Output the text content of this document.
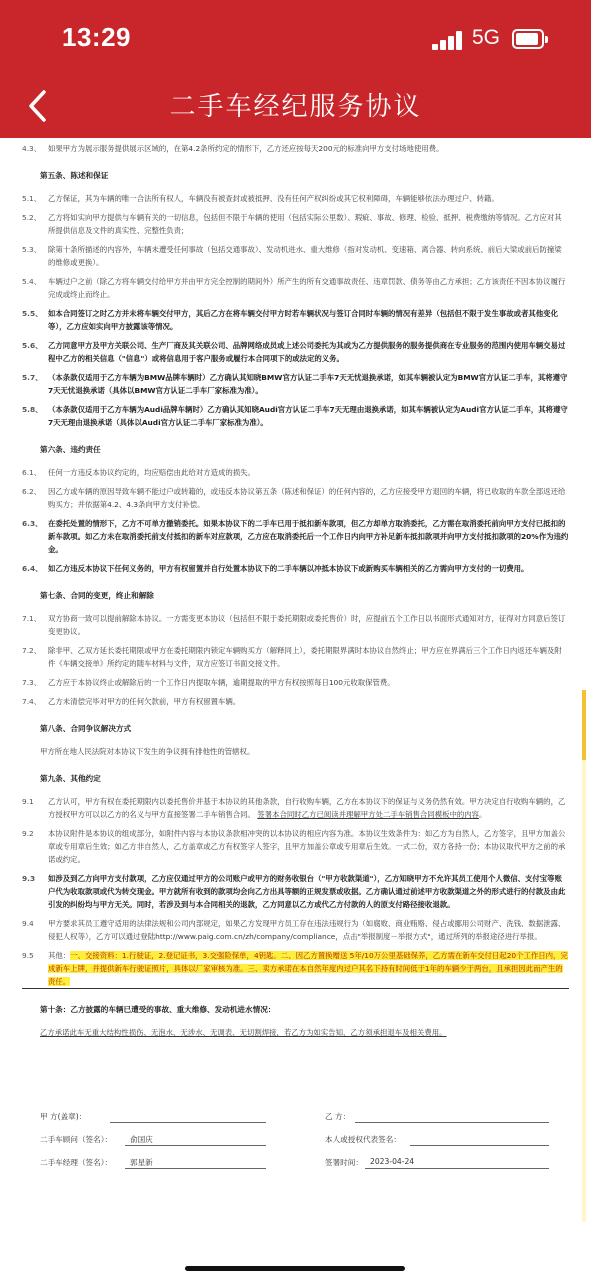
13:29	5G
二手车经纪服务协议
4.3、 如果甲方为展示服务提供展示区域的，在第4.2条所约定的情形下，乙方还应按每天200元的标准向甲方支付场地使用费。
第五条、陈述和保证
5.1、 乙方保证，其为车辆的唯一合法所有权人，车辆没有被查封或被抵押、没有任何产权纠纷或其它权利障碍，车辆能够依法办理过户、转籍。
5.2、 乙方将如实向甲方提供与车辆有关的一切信息，包括但不限于车辆的使用（包括实际公里数）、瑕疵、事故、修理、检验、抵押、税费缴纳等情况。乙方应对其所提供信息及文件的真实性、完整性负责；
5.3、 除第十条所描述的内容外，车辆未遭受任何事故（包括交通事故）、发动机进水、重大维修（指对发动机、变速箱、离合器、转向系统、前后大梁或前后防撞梁的维修或更换）。
5.4、 车辆过户之前（除乙方将车辆交付给甲方并由甲方完全控制的期间外）所产生的所有交通事故责任、违章罚款、债务等由乙方承担；乙方该责任不因本协议履行完成或终止而终止。
5.5、 如本合同签订之时乙方并未将车辆交付甲方，其后乙方在将车辆交付甲方时若车辆状况与签订合同时车辆的情况有差异（包括但不限于发生事故或者其他变化等），乙方应如实向甲方披露该等情况。
5.6、 乙方同意甲方及甲方关联公司、生产厂商及其关联公司、品牌网络成员或上述公司委托为其或为乙方提供服务的服务提供商在专业服务的范围内使用车辆交易过程中乙方的相关信息（"信息"）或将信息用于客户服务或履行本合同项下的或法定的义务。
5.7、 （本条款仅适用于乙方车辆为BMW品牌车辆时）乙方确认其知晓BMW官方认证二手车7天无忧退换承诺，如其车辆被认定为BMW官方认证二手车，其将遵守7天无忧退换承诺（具体以BMW官方认证二手车厂家标准为准）。
5.8、 （本条款仅适用于乙方车辆为Audi品牌车辆时）乙方确认其知晓Audi官方认证二手车7天无理由退换承诺，如其车辆被认定为Audi官方认证二手车，其将遵守7天无理由退换承诺（具体以Audi官方认证二手车厂家标准为准）。
第六条、违约责任
6.1、 任何一方违反本协议约定的，均应赔偿由此给对方造成的损失。
6.2、 因乙方或车辆的原因导致车辆不能过户或转籍的，或违反本协议第五条（陈述和保证）的任何内容的，乙方应接受甲方退回的车辆，将已收取的车款全部返还给购买方；并依据第4.2、4.3条向甲方支付补偿。
6.3、 在委托处置的情形下，乙方不可单方撤销委托。如果本协议下的二手车已用于抵扣新车款项，但乙方却单方取消委托，乙方需在取消委托前向甲方支付已抵扣的新车款项。如乙方未在取消委托前支付抵扣的新车对应款项，乙方应在取消委托后一个工作日内向甲方补足新车抵扣款项并向甲方支付抵扣款项的20%作为违约金。
6.4、 如乙方违反本协议下任何义务的，甲方有权留置并自行处置本协议下的二手车辆以冲抵本协议下或新购买车辆相关的乙方需向甲方支付的一切费用。
第七条、合同的变更，终止和解除
7.1、 双方协商一致可以提前解除本协议。一方需变更本协议（包括但不限于委托期限或委托售价）时，应提前五个工作日以书面形式通知对方，征得对方同意后签订变更协议。
7.2、 除非甲、乙双方延长委托期限或甲方在委托期限内锁定车辆购买方（解释同上），委托期限界满时本协议自然终止；甲方应在界满后三个工作日内返还车辆及附件《车辆交接单》所约定的随车材料与文件，双方应签订书面交接文件。
7.3、 乙方应于本协议终止或解除后的一个工作日内提取车辆，逾期提取的甲方有权按照每日100元收取保管费。
7.4、 乙方未清偿完毕对甲方的任何欠款前，甲方有权留置车辆。
第八条、合同争议解决方式
甲方所在地人民法院对本协议下发生的争议拥有排他性的管辖权。
第九条、其他约定
9.1 乙方认可，甲方有权在委托期限内以委托售价并基于本协议的其他条款，自行收购车辆，乙方在本协议下的保证与义务仍然有效。甲方决定自行收购车辆的，乙方授权甲方可以以乙方的名义与甲方直接签署二手车销售合同。 签署本合同时乙方已阅读并理解甲方处二手车销售合同模板中的内容。
9.2 本协议附件是本协议的组成部分，如附件内容与本协议条款相冲突的以本协议的相应内容为准。本协议生效条件为：如乙方为自然人，乙方签字，且甲方加盖公章或专用章后生效；如乙方非自然人，乙方盖章或乙方有权签字人签字，且甲方加盖公章或专用章后生效。一式二份，双方各持一份；本协议取代甲方之前的承诺或约定。
9.3 如涉及到乙方向甲方支付款项，乙方应仅通过甲方的公司账户或甲方的财务收银台（"甲方收款渠道"），乙方知晓甲方不允许其员工使用个人微信、支付宝等账户代为收取款项或代为转交现金。甲方就所有收到的款项均会向乙方出具等额的正规发票或收据。乙方确认通过前述甲方收款渠道之外的形式进行的付款及由此引发的纠纷均与甲方无关。同时，若涉及到与本合同相关的退款，乙方同意以乙方或代乙方付款的人的原支付路径接收退款。
9.4 甲方要求其员工遵守适用的法律法规和公司内部规定，如果乙方发现甲方员工存在违法违规行为（如腐败、商业贿赂、侵占或挪用公司财产、洗钱、数据泄露、侵犯人权等），乙方可以通过登陆http://www.paig.com.cn/zh/company/compliance，点击"举报制度－举报方式"，通过所列的举报途径进行举报。
9.5 其他：一、交接资料：1.行驶证，2.登记证书，3.交强险保单，4钥匙。二、因乙方置换赠送 5年/10万公里基础保养，乙方需在新车交付日起20个工作日内，完成新车上牌，并提供新车行驶证照片，具体以厂家审核为准。三、卖方承诺在本自然年度内过户其名下持有时间低于1年的车辆少于两台，且承担因此而产生的责任。
第十条：乙方披露的车辆已遭受的事故、重大维修、发动机进水情况：
乙方承诺此车无重大结构性损伤、无泡水、无涉水、无调表、无切割焊接，若乙方为如实告知，乙方须承担退车及相关费用。
甲 方(盖章)：	乙 方：
二手车顾问（签名）： 俞国庆	本人或授权代表签名：
二手车经理（签名）： 郭星新	签署时间： 2023-04-24
